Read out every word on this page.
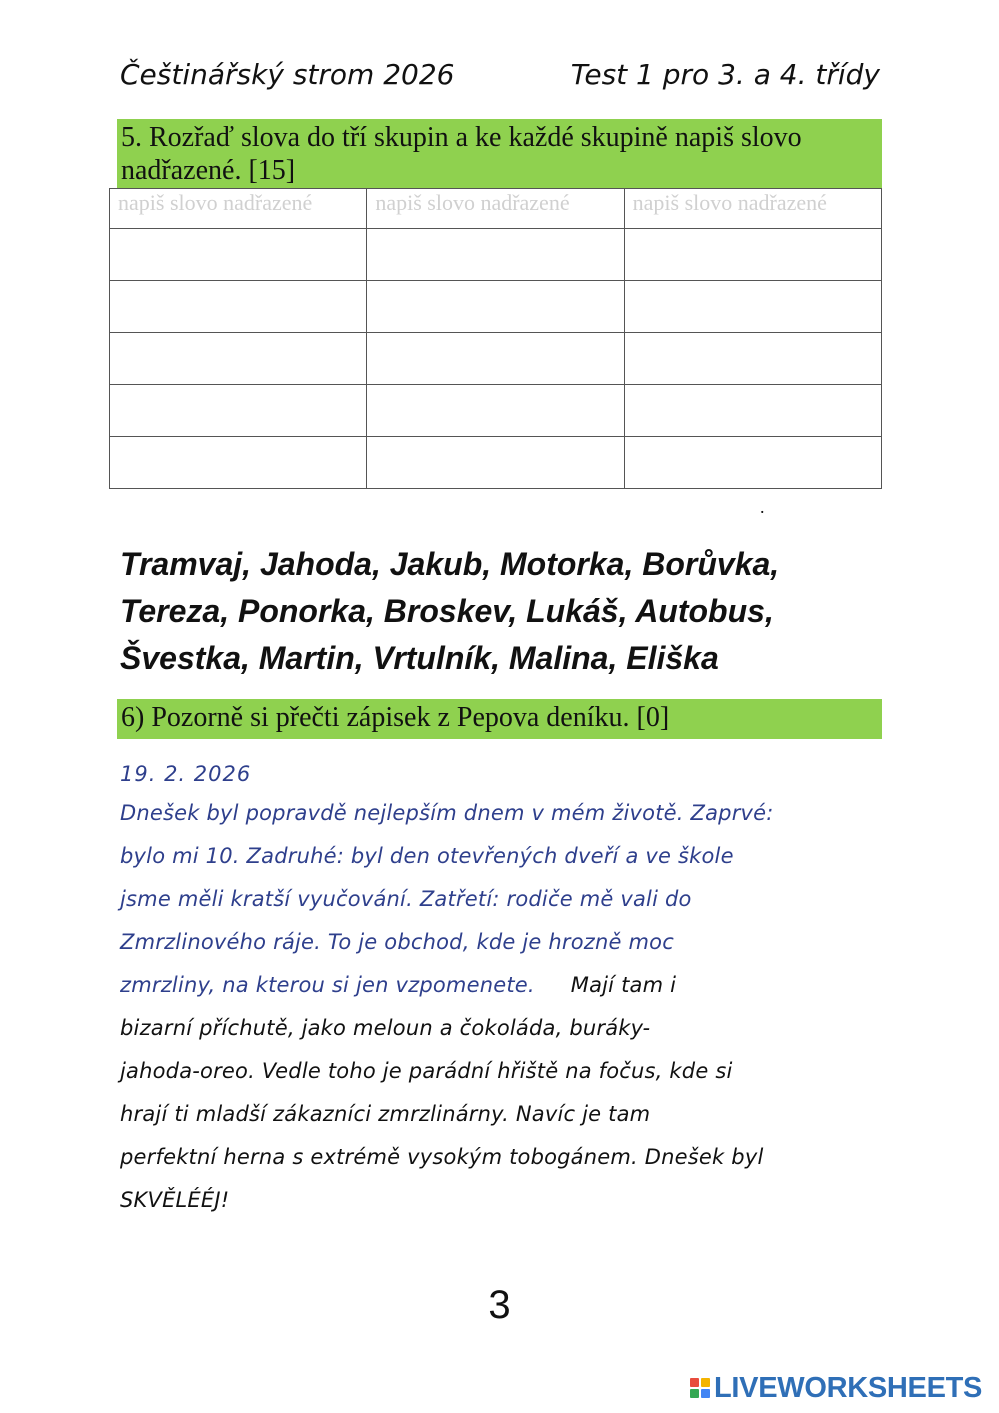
Češtinářský strom 2026	Test 1 pro 3. a 4. třídy
5. Rozřaď slova do tří skupin a ke každé skupině napiš slovo nadřazené. [15]
napiš slovo nadřazené	napiš slovo nadřazené	napiš slovo nadřazené

.
Tramvaj, Jahoda, Jakub, Motorka, Borůvka,
Tereza, Ponorka, Broskev, Lukáš, Autobus,
Švestka, Martin, Vrtulník, Malina, Eliška
6) Pozorně si přečti zápisek z Pepova deníku. [0]
19. 2. 2026
Dnešek byl popravdě nejlepším dnem v mém životě. Zaprvé:
bylo mi 10. Zadruhé: byl den otevřených dveří a ve škole
jsme měli kratší vyučování. Zatřetí: rodiče mě vali do
Zmrzlinového ráje. To je obchod, kde je hrozně moc
zmrzliny, na kterou si jen vzpomenete. Mají tam i
bizarní příchutě, jako meloun a čokoláda, buráky-
jahoda-oreo. Vedle toho je parádní hřiště na fočus, kde si
hrají ti mladší zákazníci zmrzlinárny. Navíc je tam
perfektní herna s extrémě vysokým tobogánem. Dnešek byl
SKVĚLÉÉJ!
3
LIVEWORKSHEETS
